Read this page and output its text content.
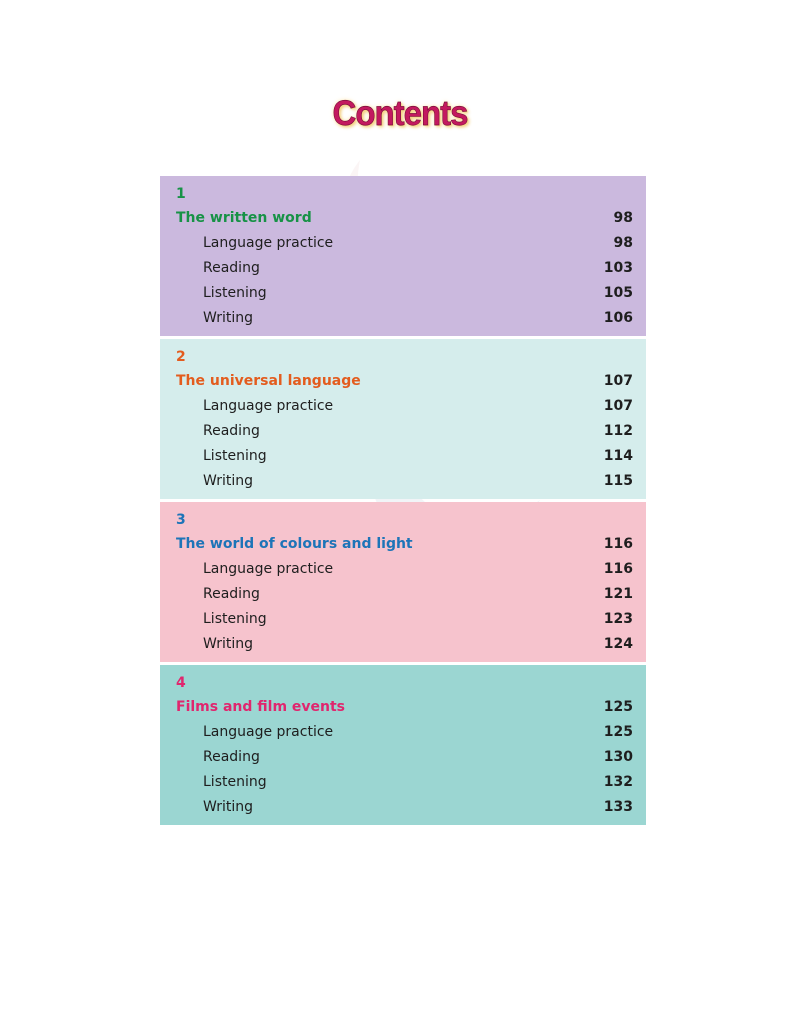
Contents
1
The written word	98
Language practice	98
Reading	103
Listening	105
Writing	106
2
The universal language	107
Language practice	107
Reading	112
Listening	114
Writing	115
3
The world of colours and light	116
Language practice	116
Reading	121
Listening	123
Writing	124
4
Films and film events	125
Language practice	125
Reading	130
Listening	132
Writing	133
